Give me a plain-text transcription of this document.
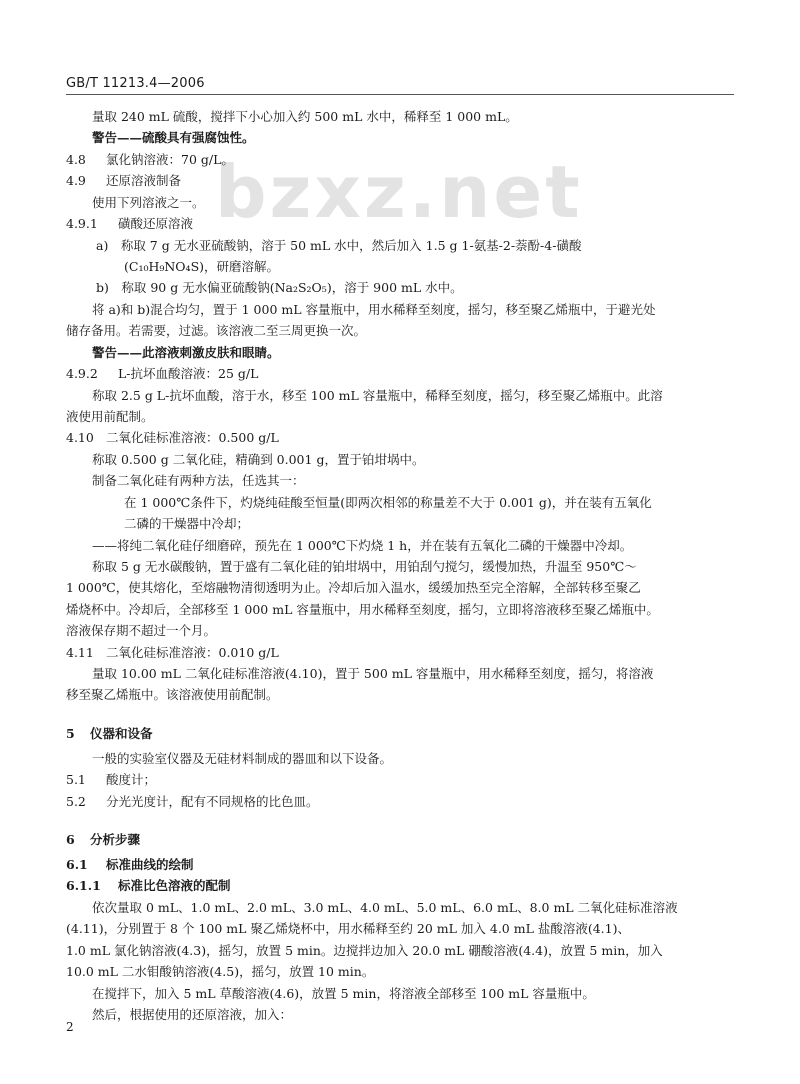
GB/T 11213.4—2006
bzxz.net
量取 240 mL 硫酸，搅拌下小心加入约 500 mL 水中，稀释至 1 000 mL。
警告——硫酸具有强腐蚀性。
4.8 氯化钠溶液：70 g/L。
4.9 还原溶液制备
使用下列溶液之一。
4.9.1 磺酸还原溶液
a)　称取 7 g 无水亚硫酸钠，溶于 50 mL 水中，然后加入 1.5 g 1-氨基-2-萘酚-4-磺酸
(C₁₀H₉NO₄S)，研磨溶解。
b)　称取 90 g 无水偏亚硫酸钠(Na₂S₂O₅)，溶于 900 mL 水中。
将 a)和 b)混合均匀，置于 1 000 mL 容量瓶中，用水稀释至刻度，摇匀，移至聚乙烯瓶中，于避光处
储存备用。若需要，过滤。该溶液二至三周更换一次。
警告——此溶液刺激皮肤和眼睛。
4.9.2 L-抗坏血酸溶液：25 g/L
称取 2.5 g L-抗坏血酸，溶于水，移至 100 mL 容量瓶中，稀释至刻度，摇匀，移至聚乙烯瓶中。此溶
液使用前配制。
4.10 二氧化硅标准溶液：0.500 g/L
称取 0.500 g 二氧化硅，精确到 0.001 g，置于铂坩埚中。
制备二氧化硅有两种方法，任选其一：
在 1 000℃条件下，灼烧纯硅酸至恒量(即两次相邻的称量差不大于 0.001 g)，并在装有五氧化
二磷的干燥器中冷却；
——将纯二氧化硅仔细磨碎，预先在 1 000℃下灼烧 1 h，并在装有五氧化二磷的干燥器中冷却。
称取 5 g 无水碳酸钠，置于盛有二氧化硅的铂坩埚中，用铂刮勺搅匀，缓慢加热，升温至 950℃～
1 000℃，使其熔化，至熔融物清彻透明为止。冷却后加入温水，缓缓加热至完全溶解，全部转移至聚乙
烯烧杯中。冷却后，全部移至 1 000 mL 容量瓶中，用水稀释至刻度，摇匀，立即将溶液移至聚乙烯瓶中。
溶液保存期不超过一个月。
4.11 二氧化硅标准溶液：0.010 g/L
量取 10.00 mL 二氧化硅标准溶液(4.10)，置于 500 mL 容量瓶中，用水稀释至刻度，摇匀，将溶液
移至聚乙烯瓶中。该溶液使用前配制。
5 仪器和设备
一般的实验室仪器及无硅材料制成的器皿和以下设备。
5.1 酸度计；
5.2 分光光度计，配有不同规格的比色皿。
6 分析步骤
6.1 标准曲线的绘制
6.1.1 标准比色溶液的配制
依次量取 0 mL、1.0 mL、2.0 mL、3.0 mL、4.0 mL、5.0 mL、6.0 mL、8.0 mL 二氧化硅标准溶液
(4.11)，分别置于 8 个 100 mL 聚乙烯烧杯中，用水稀释至约 20 mL 加入 4.0 mL 盐酸溶液(4.1)、
1.0 mL 氯化钠溶液(4.3)，摇匀，放置 5 min。边搅拌边加入 20.0 mL 硼酸溶液(4.4)，放置 5 min，加入
10.0 mL 二水钼酸钠溶液(4.5)，摇匀，放置 10 min。
在搅拌下，加入 5 mL 草酸溶液(4.6)，放置 5 min，将溶液全部移至 100 mL 容量瓶中。
然后，根据使用的还原溶液，加入：
2
